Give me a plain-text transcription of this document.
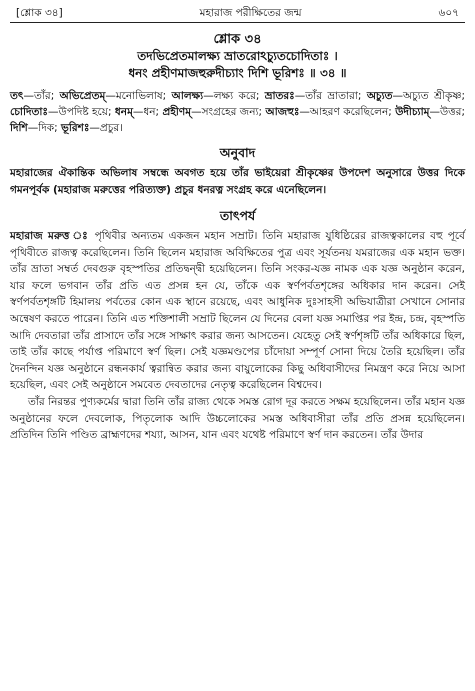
[শ্লোক ৩৪]	মহারাজ পরীক্ষিতের জন্ম	৬০৭
শ্লোক ৩৪
তদভিপ্রেতমালক্ষ্য ভ্রাতরোঽচ্যুতচোদিতাঃ ।
ধনং প্রহীণমাজহুরুদীচ্যাং দিশি ভূরিশঃ ॥ ৩৪ ॥
তৎ—তাঁর; অভিপ্রেতম্—মনোভিলাষ; আলক্ষ্য—লক্ষ্য করে; ভ্রাতরঃ—তাঁর ভ্রাতারা; অচ্যুত—অচ্যুত শ্রীকৃষ্ণ; চোদিতাঃ—উপদিষ্ট হয়ে; ধনম্—ধন; প্রহীণম্—সংগ্রহের জন্য; আজহুঃ—আহরণ করেছিলেন; উদীচ্যাম্—উত্তর; দিশি—দিক; ভূরিশঃ—প্রচুর।
অনুবাদ
মহারাজের ঐকান্তিক অভিলাষ সম্বন্ধে অবগত হয়ে তাঁর ভাইয়েরা শ্রীকৃষ্ণের উপদেশ অনুসারে উত্তর দিকে গমনপূর্বক (মহারাজ মরুত্তের পরিত্যক্ত) প্রচুর ধনরত্ন সংগ্রহ করে এনেছিলেন।
তাৎপর্য

মহারাজ মরুত্ত ঃ পৃথিবীর অন্যতম একজন মহান সম্রাট। তিনি মহারাজ যুধিষ্ঠিরের রাজত্বকালের বহু পূর্বে পৃথিবীতে রাজত্ব করেছিলেন। তিনি ছিলেন মহারাজ অবিক্ষিতের পুত্র এবং সূর্যতনয় যমরাজের এক মহান ভক্ত। তাঁর ভ্রাতা সম্বর্ত দেবগুরু বৃহস্পতির প্রতিদ্বন্দ্বী হয়েছিলেন। তিনি সংকর-যজ্ঞ নামক এক যজ্ঞ অনুষ্ঠান করেন, যার ফলে ভগবান তাঁর প্রতি এত প্রসন্ন হন যে, তাঁকে এক স্বর্ণপর্বতশৃঙ্গের অধিকার দান করেন। সেই স্বর্ণপর্বতশৃঙ্গটি হিমালয় পর্বতের কোন এক স্থানে রয়েছে, এবং আধুনিক দুঃসাহসী অভিযাত্রীরা সেখানে সোনার অন্বেষণ করতে পারেন। তিনি এত শক্তিশালী সম্রাট ছিলেন যে দিনের বেলা যজ্ঞ সমাপ্তির পর ইন্দ্র, চন্দ্র, বৃহস্পতি আদি দেবতারা তাঁর প্রাসাদে তাঁর সঙ্গে সাক্ষাৎ করার জন্য আসতেন। যেহেতু সেই স্বর্ণশৃঙ্গটি তাঁর অধিকারে ছিল, তাই তাঁর কাছে পর্যাপ্ত পরিমাণে স্বর্ণ ছিল। সেই যজ্ঞমণ্ডপের চাঁদোয়া সম্পূর্ণ সোনা দিয়ে তৈরি হয়েছিল। তাঁর দৈনন্দিন যজ্ঞ অনুষ্ঠানে রন্ধনকার্য ত্বরান্বিত করার জন্য বায়ুলোকের কিছু অধিবাসীদের নিমন্ত্রণ করে নিয়ে আসা হয়েছিল, এবং সেই অনুষ্ঠানে সমবেত দেবতাদের নেতৃত্ব করেছিলেন বিশ্বদেব।

তাঁর নিরন্তর পুণ্যকর্মের দ্বারা তিনি তাঁর রাজ্য থেকে সমস্ত রোগ দূর করতে সক্ষম হয়েছিলেন। তাঁর মহান যজ্ঞ অনুষ্ঠানের ফলে দেবলোক, পিতৃলোক আদি উচ্চলোকের সমস্ত অধিবাসীরা তাঁর প্রতি প্রসন্ন হয়েছিলেন। প্রতিদিন তিনি পণ্ডিত ব্রাহ্মণদের শয্যা, আসন, যান এবং যথেষ্ট পরিমাণে স্বর্ণ দান করতেন। তাঁর উদার
